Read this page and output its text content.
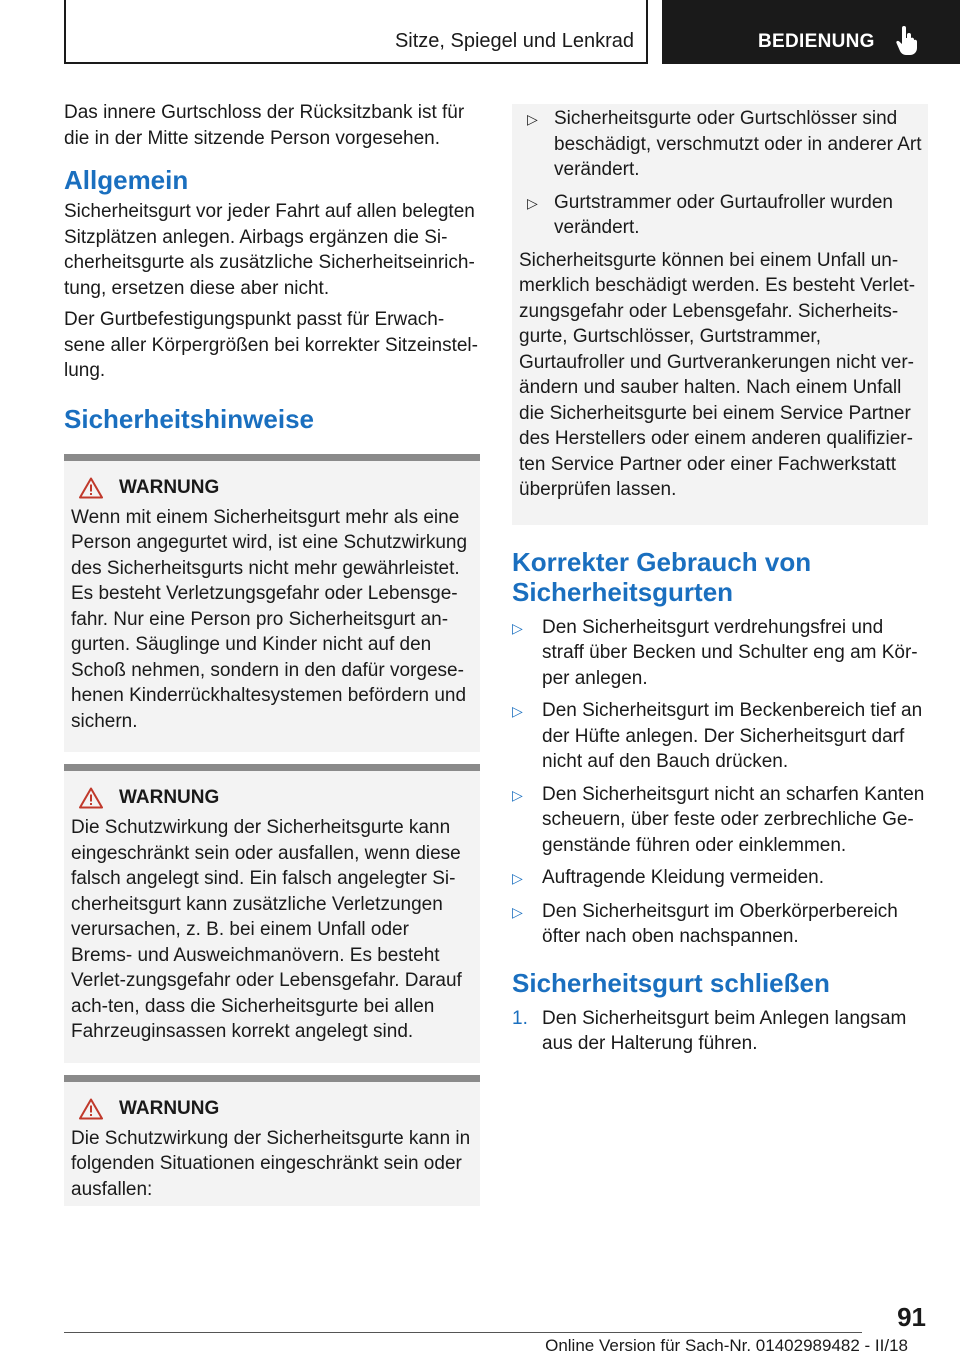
Sitze, Spiegel und Lenkrad	BEDIENUNG

Das innere Gurtschloss der Rücksitzbank ist für die in der Mitte sitzende Person vorgesehen.

Allgemein

Sicherheitsgurt vor jeder Fahrt auf allen belegten Sitzplätzen anlegen. Airbags ergänzen die Si-cherheitsgurte als zusätzliche Sicherheitseinrich-tung, ersetzen diese aber nicht.

Der Gurtbefestigungspunkt passt für Erwach-sene aller Körpergrößen bei korrekter Sitzeinstel-lung.

Sicherheitshinweise
WARNUNG

Wenn mit einem Sicherheitsgurt mehr als eine Person angegurtet wird, ist eine Schutzwirkung des Sicherheitsgurts nicht mehr gewährleistet. Es besteht Verletzungsgefahr oder Lebensge-fahr. Nur eine Person pro Sicherheitsgurt an-gurten. Säuglinge und Kinder nicht auf den Schoß nehmen, sondern in den dafür vorgese-henen Kinderrückhaltesystemen befördern und sichern.

WARNUNG

Die Schutzwirkung der Sicherheitsgurte kann eingeschränkt sein oder ausfallen, wenn diese falsch angelegt sind. Ein falsch angelegter Si-cherheitsgurt kann zusätzliche Verletzungen verursachen, z. B. bei einem Unfall oder Brems- und Ausweichmanövern. Es besteht Verlet-zungsgefahr oder Lebensgefahr. Darauf ach-ten, dass die Sicherheitsgurte bei allen Fahrzeuginsassen korrekt angelegt sind.

WARNUNG

Die Schutzwirkung der Sicherheitsgurte kann in folgenden Situationen eingeschränkt sein oder ausfallen:

▷ Sicherheitsgurte oder Gurtschlösser sind beschädigt, verschmutzt oder in anderer Art verändert.
▷ Gurtstrammer oder Gurtaufroller wurden verändert.

Sicherheitsgurte können bei einem Unfall un-merklich beschädigt werden. Es besteht Verlet-zungsgefahr oder Lebensgefahr. Sicherheits-gurte, Gurtschlösser, Gurtstrammer, Gurtaufroller und Gurtverankerungen nicht ver-ändern und sauber halten. Nach einem Unfall die Sicherheitsgurte bei einem Service Partner des Herstellers oder einem anderen qualifizier-ten Service Partner oder einer Fachwerkstatt überprüfen lassen.

Korrekter Gebrauch von Sicherheitsgurten
▷	Den Sicherheitsgurt verdrehungsfrei und straff über Becken und Schulter eng am Kör-per anlegen.
▷	Den Sicherheitsgurt im Beckenbereich tief an der Hüfte anlegen. Der Sicherheitsgurt darf nicht auf den Bauch drücken.
▷	Den Sicherheitsgurt nicht an scharfen Kanten scheuern, über feste oder zerbrechliche Ge-genstände führen oder einklemmen.
▷	Auftragende Kleidung vermeiden.
▷	Den Sicherheitsgurt im Oberkörperbereich öfter nach oben nachspannen.
Sicherheitsgurt schließen
1. Den Sicherheitsgurt beim Anlegen langsam aus der Halterung führen.
91
Online Version für Sach-Nr. 01402989482 - II/18
